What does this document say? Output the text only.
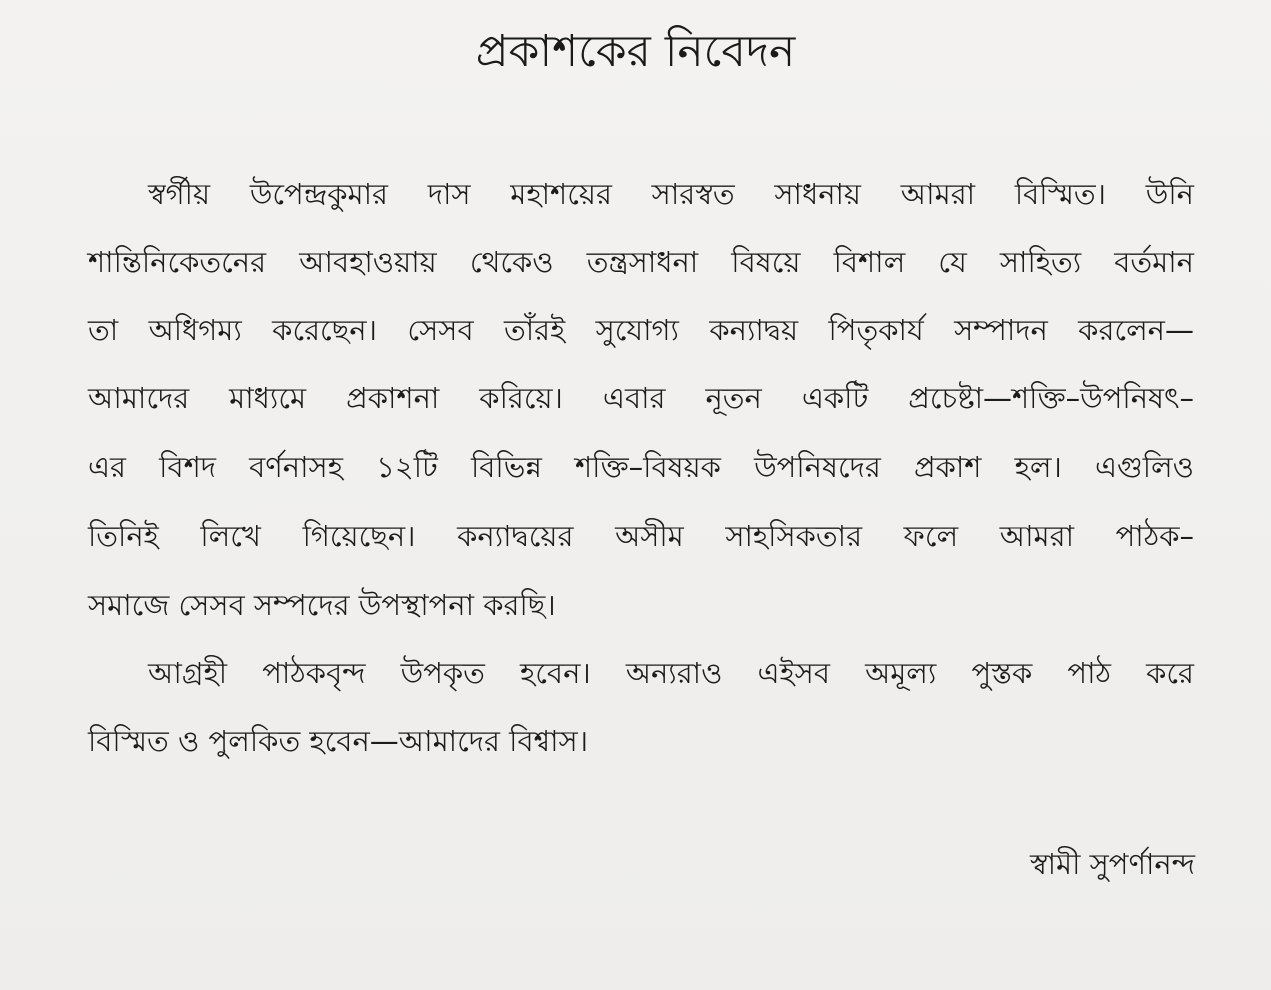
প্রকাশকের নিবেদন
স্বর্গীয় উপেন্দ্রকুমার দাস মহাশয়ের সারস্বত সাধনায় আমরা বিস্মিত। উনি
শান্তিনিকেতনের আবহাওয়ায় থেকেও তন্ত্রসাধনা বিষয়ে বিশাল যে সাহিত্য বর্তমান
তা অধিগম্য করেছেন। সেসব তাঁরই সুযোগ্য কন্যাদ্বয় পিতৃকার্য সম্পাদন করলেন—
আমাদের মাধ্যমে প্রকাশনা করিয়ে। এবার নূতন একটি প্রচেষ্টা—শক্তি–উপনিষৎ–
এর বিশদ বর্ণনাসহ ১২টি বিভিন্ন শক্তি–বিষয়ক উপনিষদের প্রকাশ হল। এগুলিও
তিনিই লিখে গিয়েছেন। কন্যাদ্বয়ের অসীম সাহসিকতার ফলে আমরা পাঠক–
সমাজে সেসব সম্পদের উপস্থাপনা করছি।
আগ্রহী পাঠকবৃন্দ উপকৃত হবেন। অন্যরাও এইসব অমূল্য পুস্তক পাঠ করে
বিস্মিত ও পুলকিত হবেন—আমাদের বিশ্বাস।
স্বামী সুপর্ণানন্দ
